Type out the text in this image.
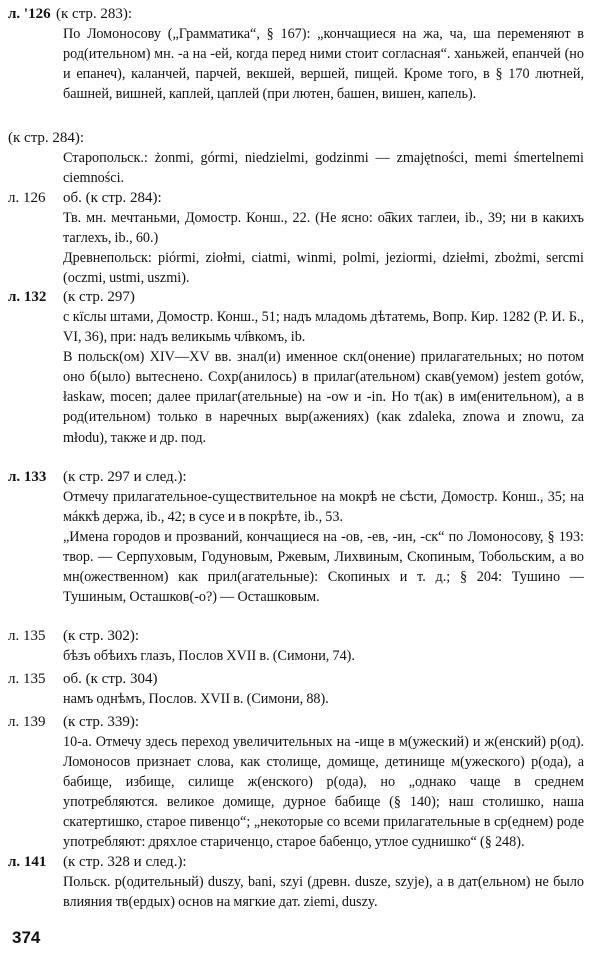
л. '126 (к стр. 283):
По Ломоносову („Грамматика“, § 167): „кончащиеся на жа, ча, ша переменяют в род(ительном) мн. -а на -ей, когда перед ними стоит согласная“. ханьжей, епанчей (но и епанеч), каланчей, парчей, векшей, вершей, пищей. Кроме того, в § 170 лютней, башней, вишней, каплей, цаплей (при лютен, башен, вишен, капель).
(к стр. 284):
Старопольск.: żonmi, górmi, niedzielmi, godzinmi — zmajętności, memi śmertelnemi ciemności.
л. 126 об. (к стр. 284):
Тв. мн. мечтаньми, Домостр. Конш., 22. (Не ясно: о͡аких таглеи, ib., 39; ни в какихъ таглехъ, ib., 60.)
Древнепольск: piórmi, ziołmi, ciatmi, winmi, polmi, jeziormi, dziełmi, zbożmi, sercmi (oczmi, ustmi, uszmi).
л. 132 (к стр. 297)
с кїслы штами, Домостр. Конш., 51; надъ младомь дѣтатемь, Вопр. Кир. 1282 (Р. И. Б., VI, 36), при: надъ великымь чл҃вкомъ, ib.
В польск(ом) XIV—XV вв. знал(и) именное скл(онение) прилагательных; но потом оно б(ыло) вытеснено. Сохр(анилось) в прилаг(ательном) скав(уемом) jestem gotów, łaskaw, mocen; далее прилаг(ательные) на -ow и -in. Но т(ак) в им(енительном), а в род(ительном) только в наречных выр(ажениях) (как zdaleka, znowa и znowu, za młodu), также и др. под.
л. 133 (к стр. 297 и след.):
Отмечу прилагательное-существительное на мокрѣ не сѣсти, Домостр. Конш., 35; на мáккѣ держа, ib., 42; в сусе и в покрѣте, ib., 53.
„Имена городов и прозваний, кончащиеся на -ов, -ев, -ин, -ск“ по Ломоносову, § 193: твор. — Серпуховым, Годуновым, Ржевым, Лихвиным, Скопиным, Тобольским, а во мн(ожественном) как прил(агательные): Скопиных и т. д.; § 204: Тушино — Тушиным, Осташков(-о?) — Осташковым.
л. 135 (к стр. 302):
бѣзъ обѣихъ глазъ, Послов XVII в. (Симони, 74).
л. 135 об. (к стр. 304)
намъ однѣмъ, Послов. XVII в. (Симони, 88).
л. 139 (к стр. 339):
10-а. Отмечу здесь переход увеличительных на -ище в м(ужеский) и ж(енский) р(од). Ломоносов признает слова, как столище, домище, детинище м(ужеского) р(ода), а бабище, избище, силище ж(енского) р(ода), но „однако чаще в среднем употребляются. великое домище, дурное бабище (§ 140); наш столишко, наша скатертишко, старое пивенцо“; „некоторые со всеми прилагательные в ср(еднем) роде употребляют: дряхлое стариченцо, старое бабенцо, утлое суднишко“ (§ 248).
л. 141 (к стр. 328 и след.):
Польск. р(одительный) duszy, bani, szyi (древн. dusze, szyje), а в дат(ельном) не было влияния тв(ердых) основ на мягкие дат. ziemi, duszy.
374
